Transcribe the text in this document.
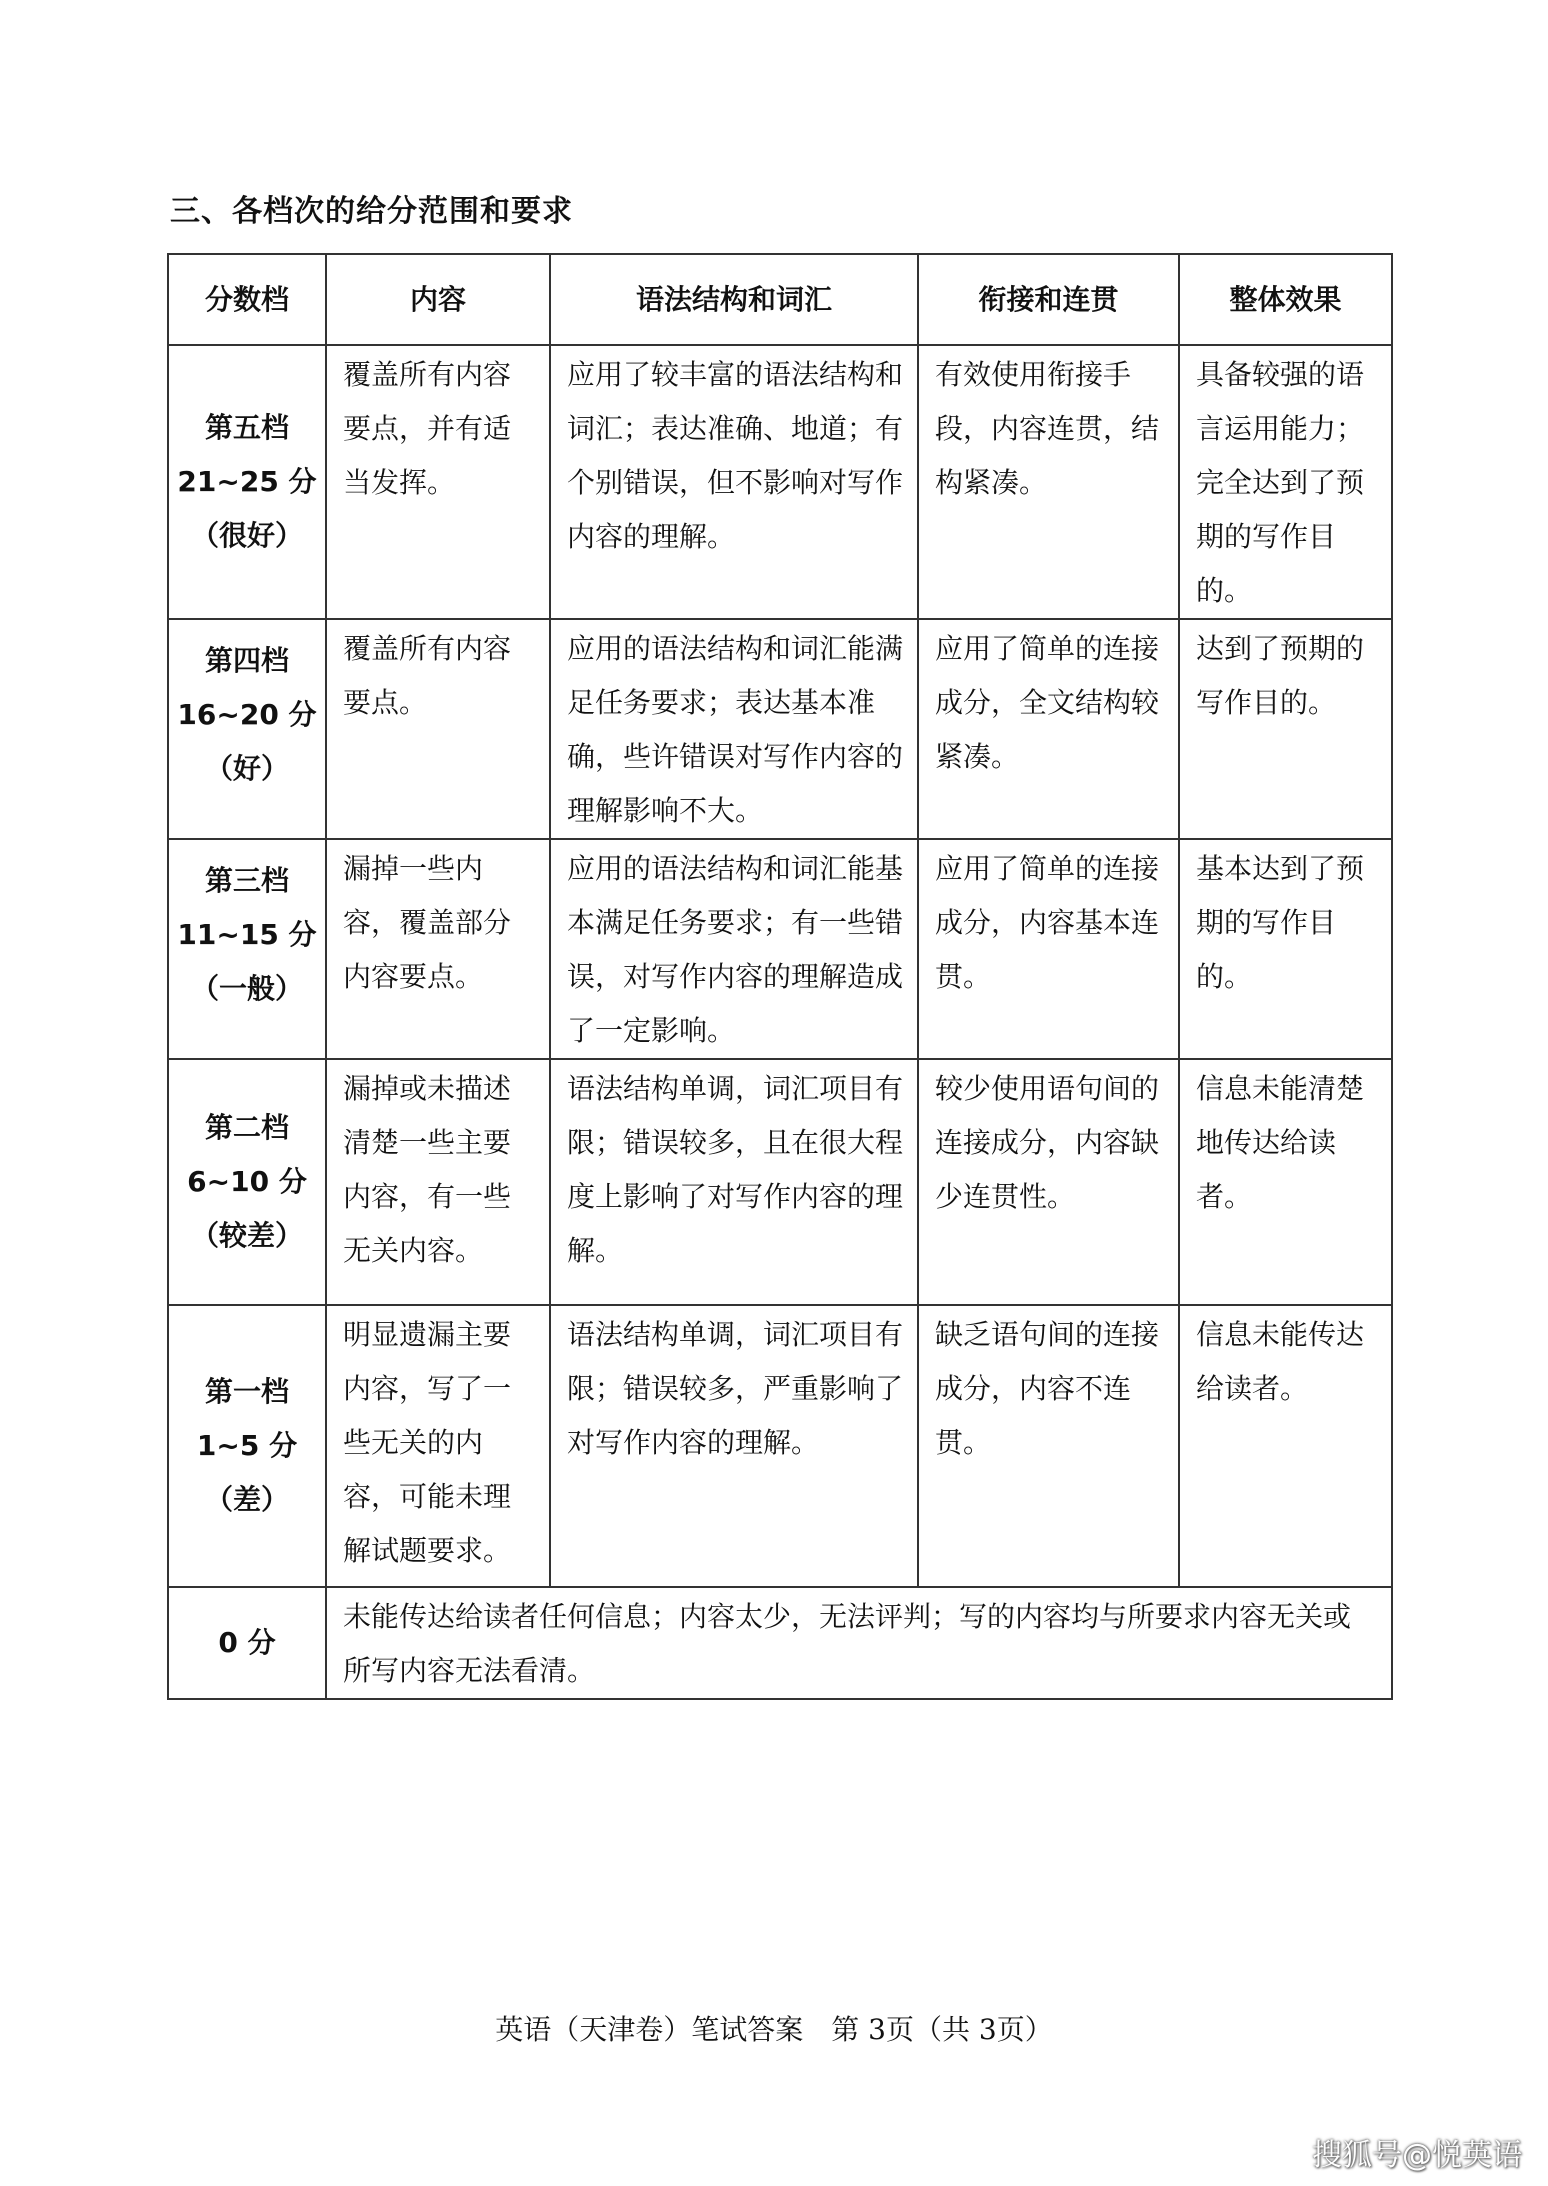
三、各档次的给分范围和要求
分数档	内容	语法结构和词汇	衔接和连贯	整体效果

第五档
21~25 分
（很好）	覆盖所有内容要点，并有适当发挥。	应用了较丰富的语法结构和词汇；表达准确、地道；有个别错误，但不影响对写作内容的理解。	有效使用衔接手段，内容连贯，结构紧凑。	具备较强的语言运用能力；完全达到了预期的写作目的。

第四档
16~20 分
（好）	覆盖所有内容要点。	应用的语法结构和词汇能满足任务要求；表达基本准确，些许错误对写作内容的理解影响不大。	应用了简单的连接成分，全文结构较紧凑。	达到了预期的写作目的。

第三档
11~15 分
（一般）	漏掉一些内容，覆盖部分内容要点。	应用的语法结构和词汇能基本满足任务要求；有一些错误，对写作内容的理解造成了一定影响。	应用了简单的连接成分，内容基本连贯。	基本达到了预期的写作目的。

第二档
6~10 分
（较差）	漏掉或未描述清楚一些主要内容，有一些无关内容。	语法结构单调，词汇项目有限；错误较多，且在很大程度上影响了对写作内容的理解。	较少使用语句间的连接成分，内容缺少连贯性。	信息未能清楚地传达给读者。

第一档
1~5 分
（差）	明显遗漏主要内容，写了一些无关的内容，可能未理解试题要求。	语法结构单调，词汇项目有限；错误较多，严重影响了对写作内容的理解。	缺乏语句间的连接成分，内容不连贯。	信息未能传达给读者。
0 分	未能传达给读者任何信息；内容太少，无法评判；写的内容均与所要求内容无关或所写内容无法看清。			
英语（天津卷）笔试答案　第 3页（共 3页）
搜狐号@悦英语
